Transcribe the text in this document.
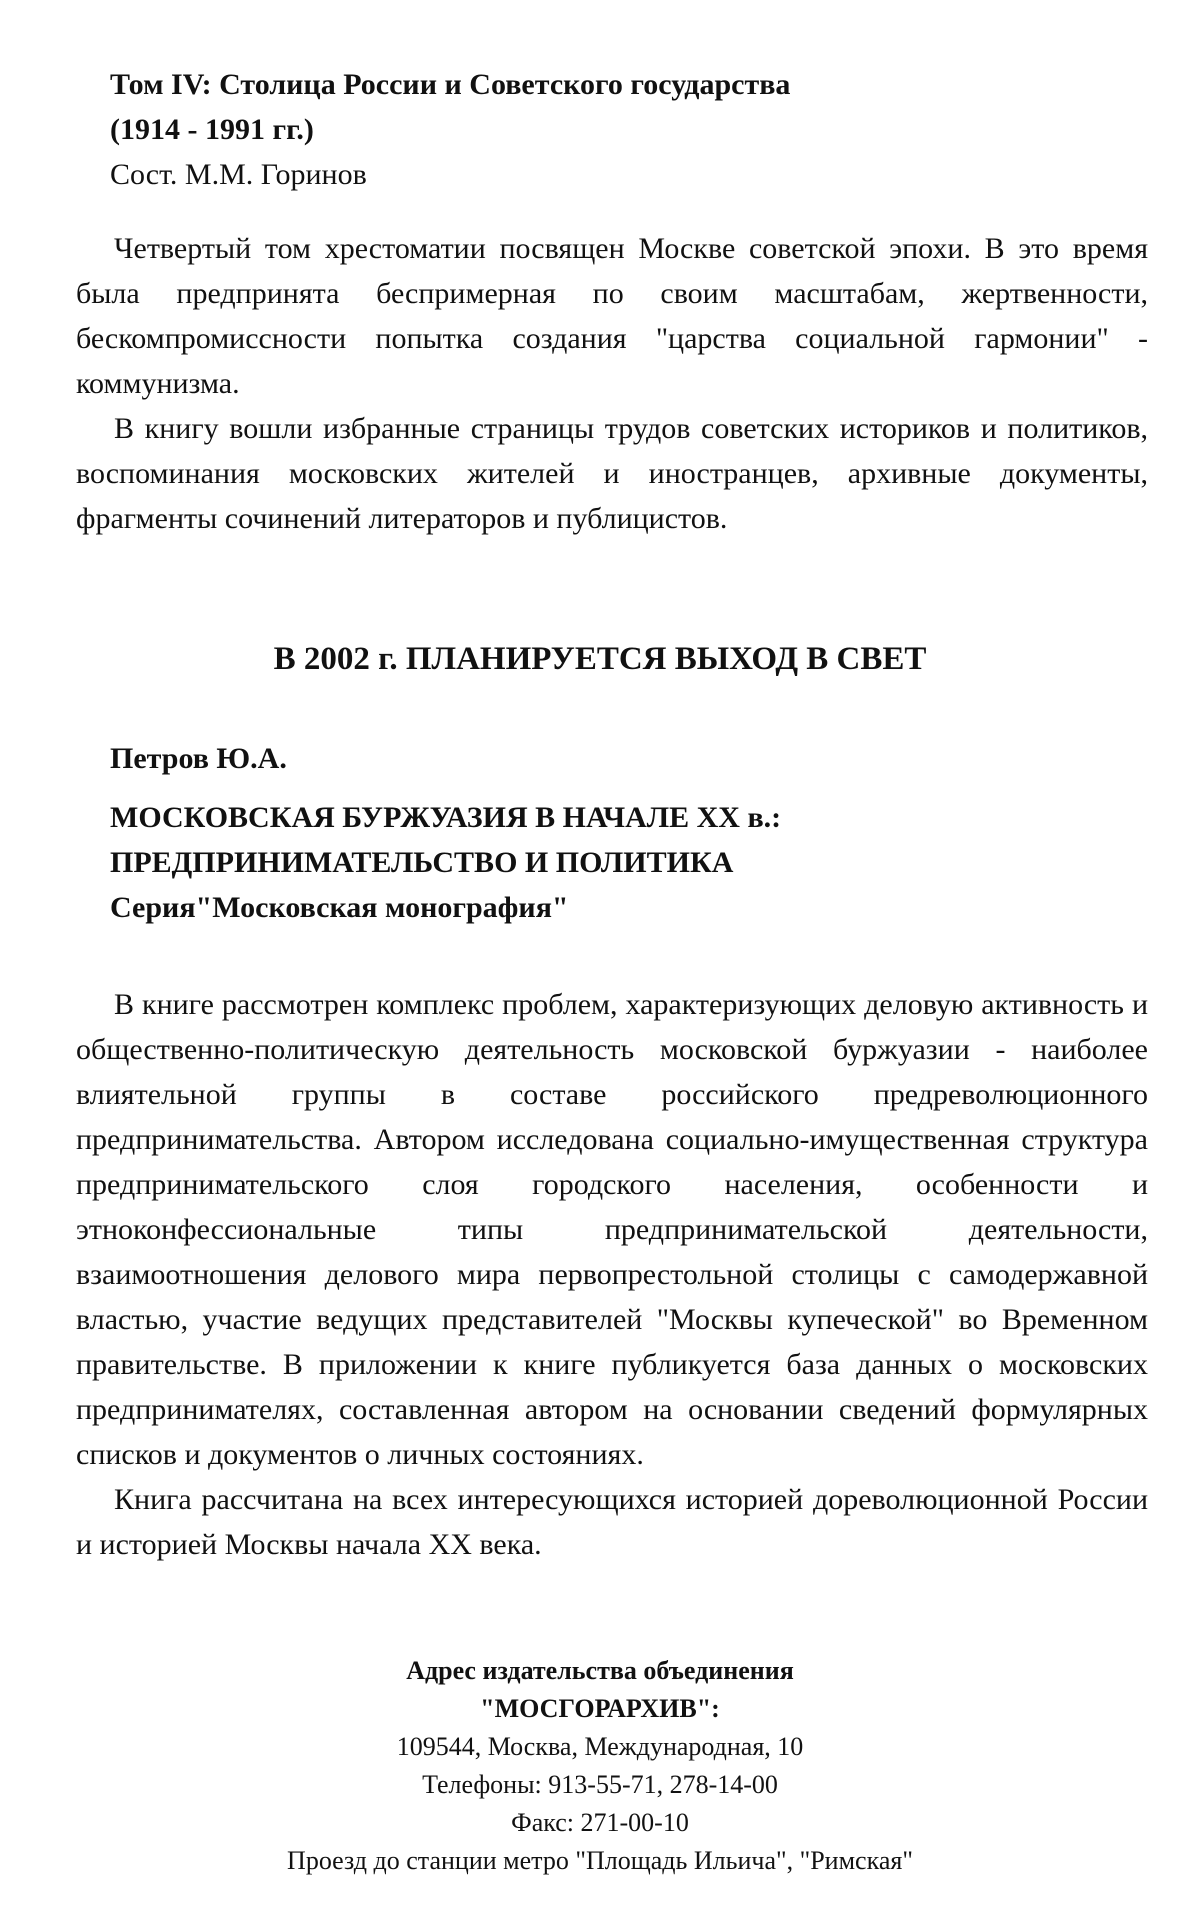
Том IV: Столица России и Советского государства
(1914 - 1991 гг.)
Сост. М.М. Горинов

Четвертый том хрестоматии посвящен Москве советской эпохи. В это время была предпринята беспримерная по своим масштабам, жертвенности, бескомпромиссности попытка создания "царства социальной гармонии" - коммунизма.

В книгу вошли избранные страницы трудов советских историков и политиков, воспоминания московских жителей и иностранцев, архивные документы, фрагменты сочинений литераторов и публицистов.

В 2002 г. ПЛАНИРУЕТСЯ ВЫХОД В СВЕТ
Петров Ю.А.
МОСКОВСКАЯ БУРЖУАЗИЯ В НАЧАЛЕ XX в.:
ПРЕДПРИНИМАТЕЛЬСТВО И ПОЛИТИКА
Серия"Московская монография"

В книге рассмотрен комплекс проблем, характеризующих деловую активность и общественно-политическую деятельность московской буржуазии - наиболее влиятельной группы в составе российского предреволюционного предпринимательства. Автором исследована социально-имущественная структура предпринимательского слоя городского населения, особенности и этноконфессиональные типы предпринимательской деятельности, взаимоотношения делового мира первопрестольной столицы с самодержавной властью, участие ведущих представителей "Москвы купеческой" во Временном правительстве. В приложении к книге публикуется база данных о московских предпринимателях, составленная автором на основании сведений формулярных списков и документов о личных состояниях.

Книга рассчитана на всех интересующихся историей дореволюционной России и историей Москвы начала XX века.

Адрес издательства объединения
"МОСГОРАРХИВ":
109544, Москва, Международная, 10
Телефоны: 913-55-71, 278-14-00
Факс: 271-00-10
Проезд до станции метро "Площадь Ильича", "Римская"
